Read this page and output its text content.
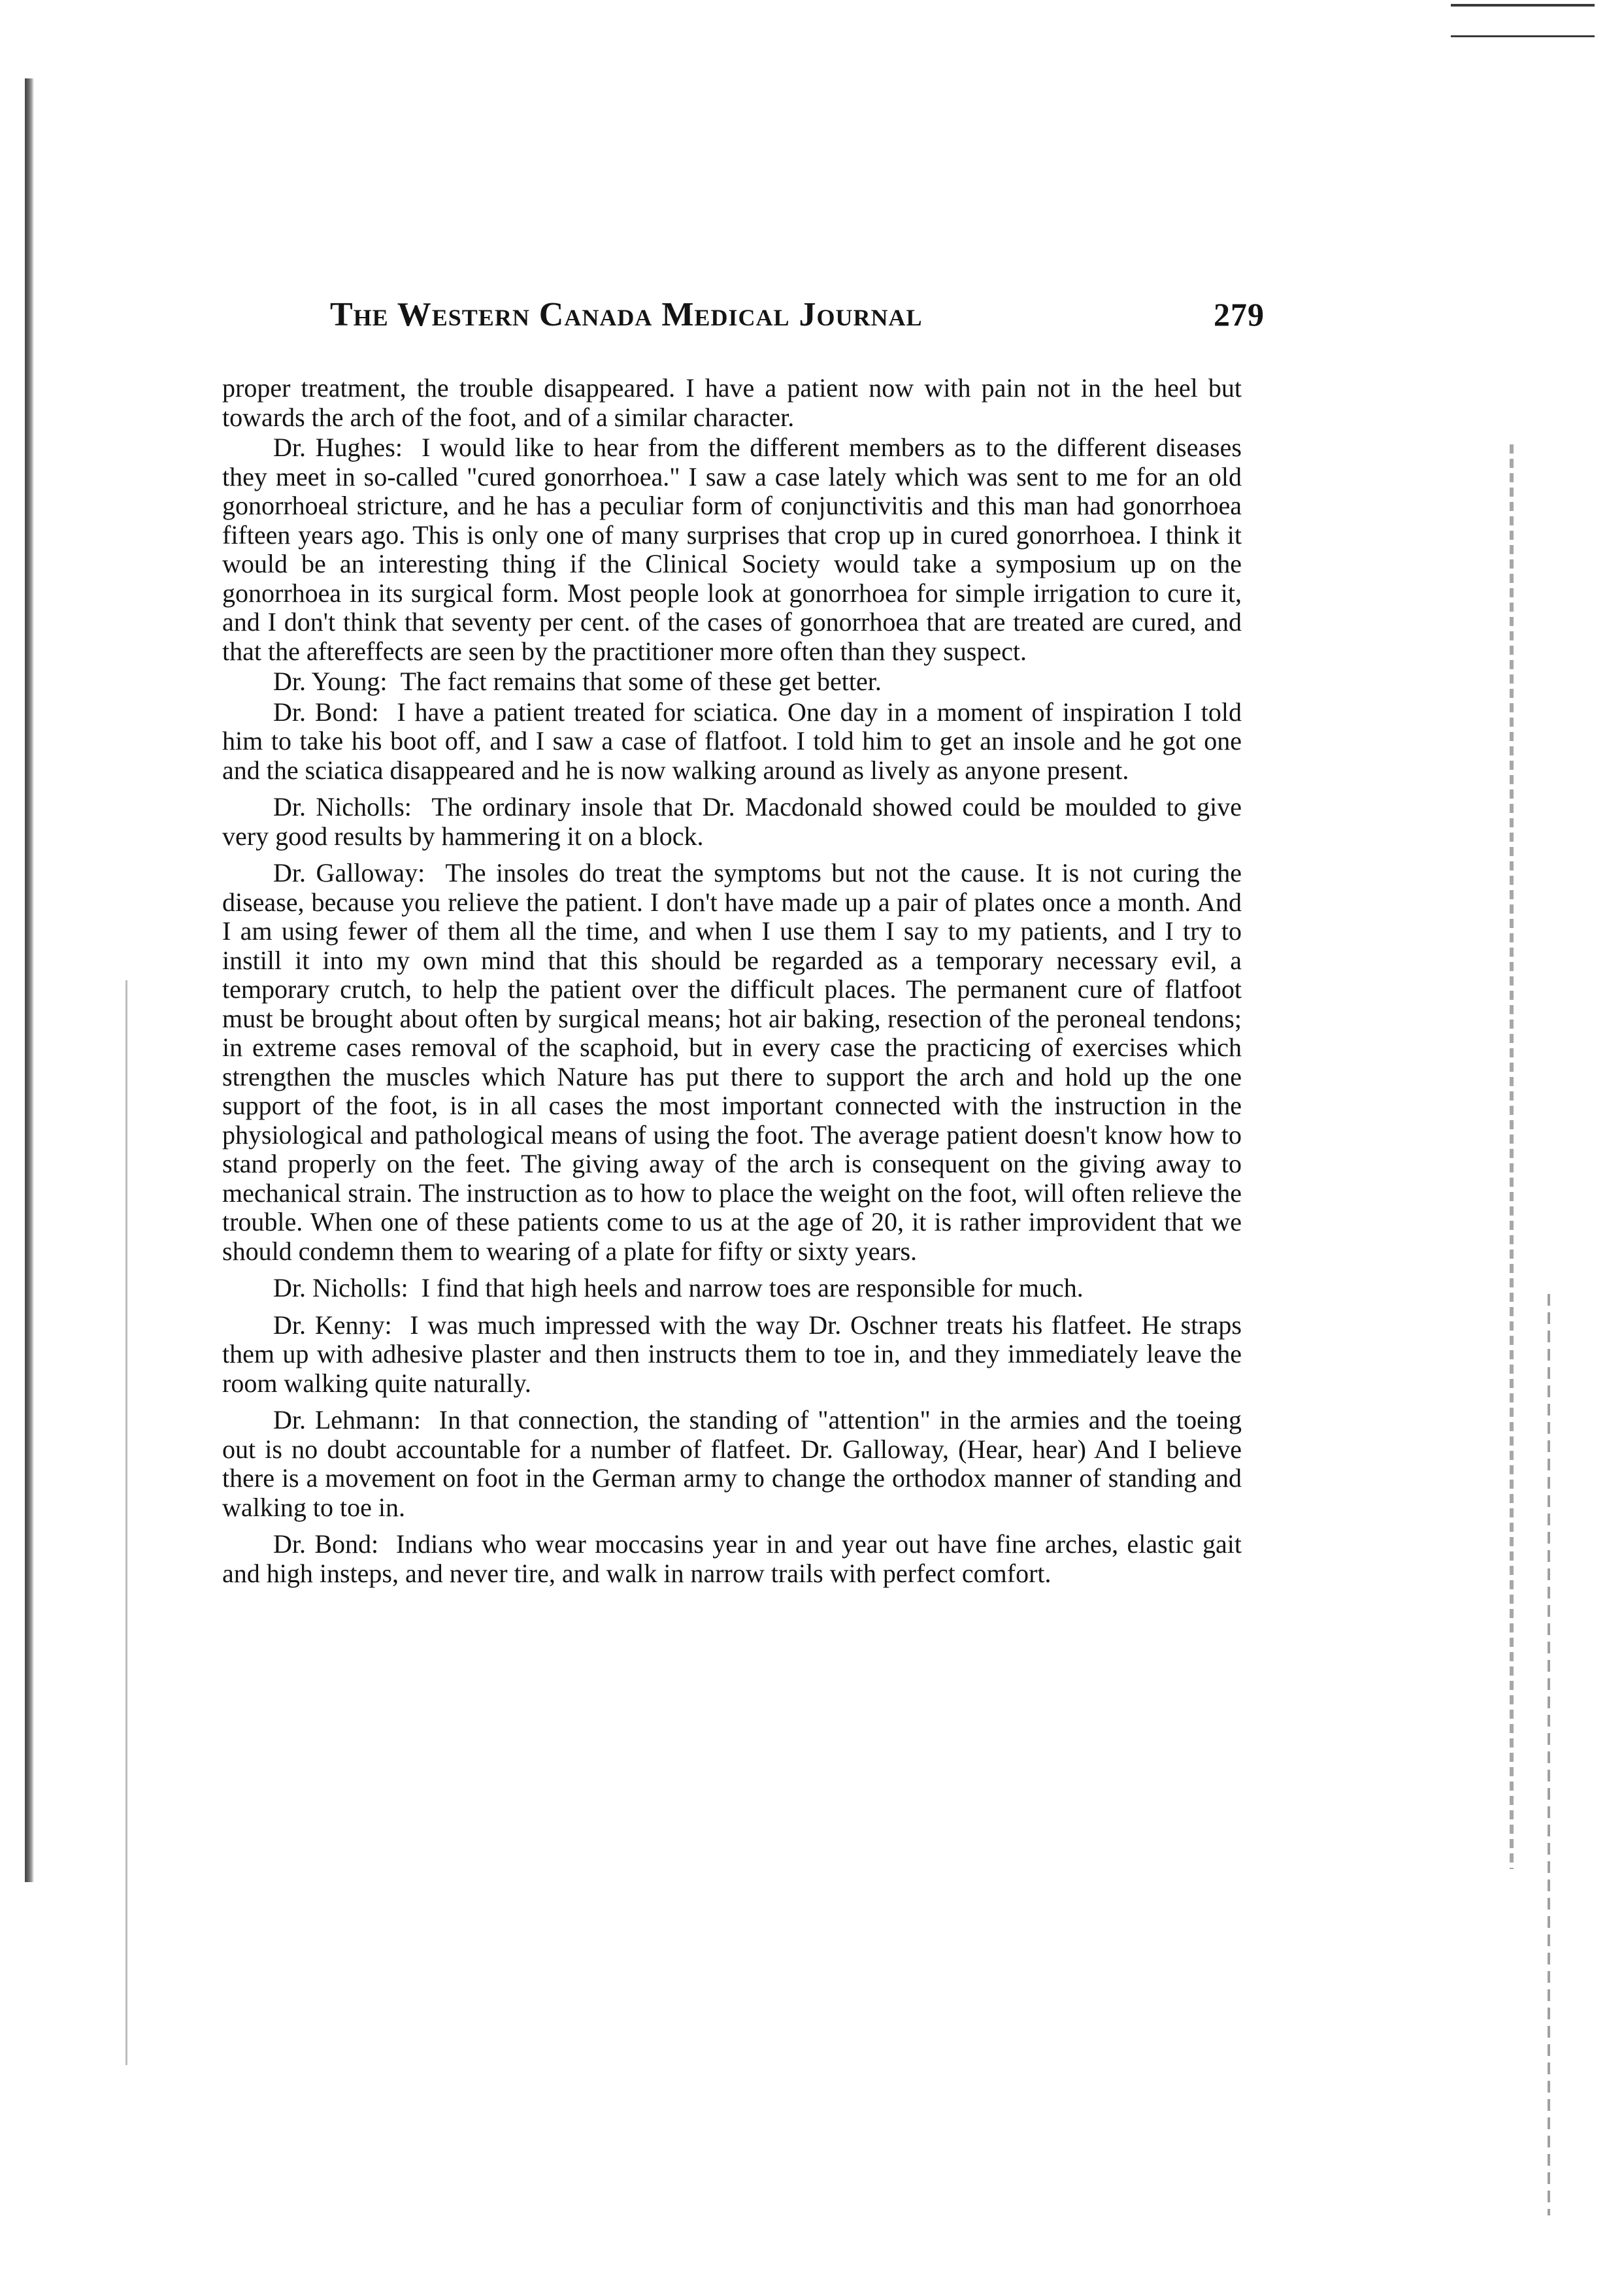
The Western Canada Medical Journal	279

proper treatment, the trouble disappeared. I have a patient now with pain not in the heel but towards the arch of the foot, and of a similar character.

Dr. Hughes: I would like to hear from the different members as to the different diseases they meet in so-called "cured gonorrhoea." I saw a case lately which was sent to me for an old gonorrhoeal stricture, and he has a peculiar form of conjunctivitis and this man had gonorrhoea fifteen years ago. This is only one of many surprises that crop up in cured gonorrhoea. I think it would be an interesting thing if the Clinical Society would take a symposium up on the gonorrhoea in its surgical form. Most people look at gonorrhoea for simple irrigation to cure it, and I don't think that seventy per cent. of the cases of gonorrhoea that are treated are cured, and that the aftereffects are seen by the practitioner more often than they suspect.

Dr. Young: The fact remains that some of these get better.

Dr. Bond: I have a patient treated for sciatica. One day in a moment of inspiration I told him to take his boot off, and I saw a case of flatfoot. I told him to get an insole and he got one and the sciatica disappeared and he is now walking around as lively as anyone present.

Dr. Nicholls: The ordinary insole that Dr. Macdonald showed could be moulded to give very good results by hammering it on a block.

Dr. Galloway: The insoles do treat the symptoms but not the cause. It is not curing the disease, because you relieve the patient. I don't have made up a pair of plates once a month. And I am using fewer of them all the time, and when I use them I say to my patients, and I try to instill it into my own mind that this should be regarded as a temporary necessary evil, a temporary crutch, to help the patient over the difficult places. The permanent cure of flatfoot must be brought about often by surgical means; hot air baking, resection of the peroneal tendons; in extreme cases removal of the scaphoid, but in every case the practicing of exercises which strengthen the muscles which Nature has put there to support the arch and hold up the one support of the foot, is in all cases the most important connected with the instruction in the physiological and pathological means of using the foot. The average patient doesn't know how to stand properly on the feet. The giving away of the arch is consequent on the giving away to mechanical strain. The instruction as to how to place the weight on the foot, will often relieve the trouble. When one of these patients come to us at the age of 20, it is rather improvident that we should condemn them to wearing of a plate for fifty or sixty years.

Dr. Nicholls: I find that high heels and narrow toes are responsible for much.

Dr. Kenny: I was much impressed with the way Dr. Oschner treats his flatfeet. He straps them up with adhesive plaster and then instructs them to toe in, and they immediately leave the room walking quite naturally.

Dr. Lehmann: In that connection, the standing of "attention" in the armies and the toeing out is no doubt accountable for a number of flatfeet. Dr. Galloway, (Hear, hear) And I believe there is a movement on foot in the German army to change the orthodox manner of standing and walking to toe in.

Dr. Bond: Indians who wear moccasins year in and year out have fine arches, elastic gait and high insteps, and never tire, and walk in narrow trails with perfect comfort.
